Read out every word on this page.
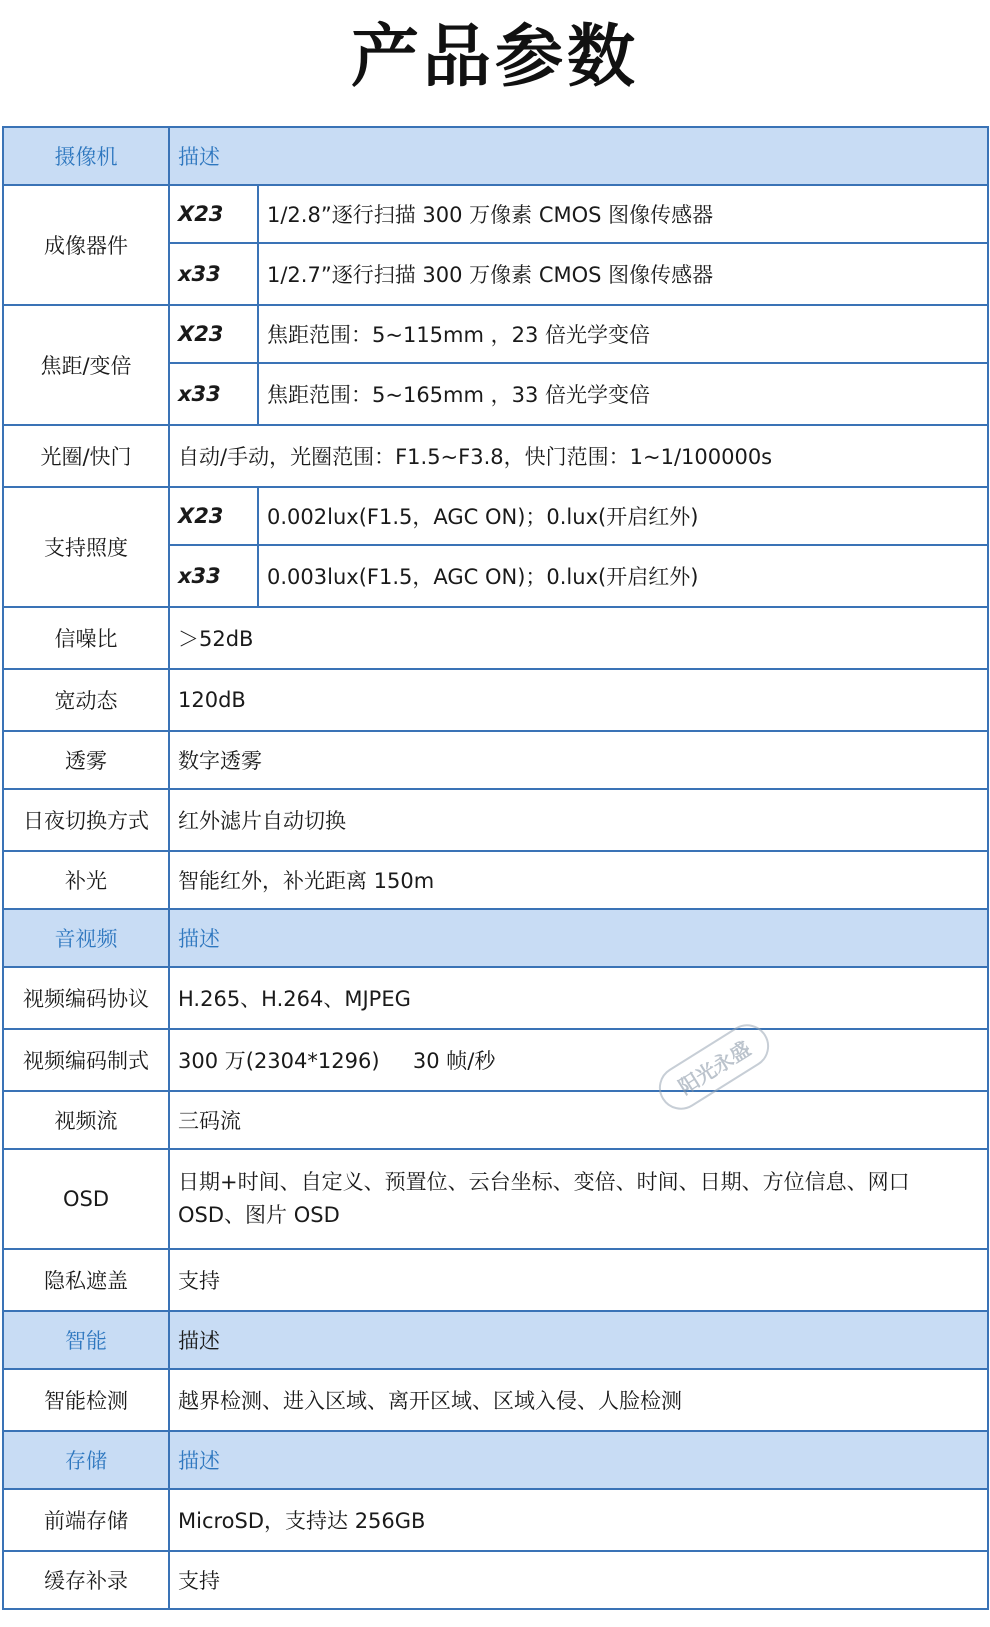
产品参数
摄像机	描述	
成像器件	X23	1/2.8”逐行扫描 300 万像素 CMOS 图像传感器
	x33	1/2.7”逐行扫描 300 万像素 CMOS 图像传感器
焦距/变倍	X23	焦距范围：5~115mm ，23 倍光学变倍
	x33	焦距范围：5~165mm ，33 倍光学变倍
光圈/快门	自动/手动，光圈范围：F1.5~F3.8，快门范围：1~1/100000s	
支持照度	X23	0.002lux(F1.5，AGC ON)；0.lux(开启红外)
	x33	0.003lux(F1.5，AGC ON)；0.lux(开启红外)
信噪比	＞52dB	
宽动态	120dB	
透雾	数字透雾	
日夜切换方式	红外滤片自动切换	
补光	智能红外，补光距离 150m	
音视频	描述	
视频编码协议	H.265、H.264、MJPEG	
视频编码制式	300 万(2304*1296)     30 帧/秒	
视频流	三码流	
OSD	日期+时间、自定义、预置位、云台坐标、变倍、时间、日期、方位信息、网口 OSD、图片 OSD	
隐私遮盖	支持	
智能	描述	
智能检测	越界检测、进入区域、离开区域、区域入侵、人脸检测	
存储	描述	
前端存储	MicroSD，支持达 256GB	
缓存补录	支持	
阳光永盛
